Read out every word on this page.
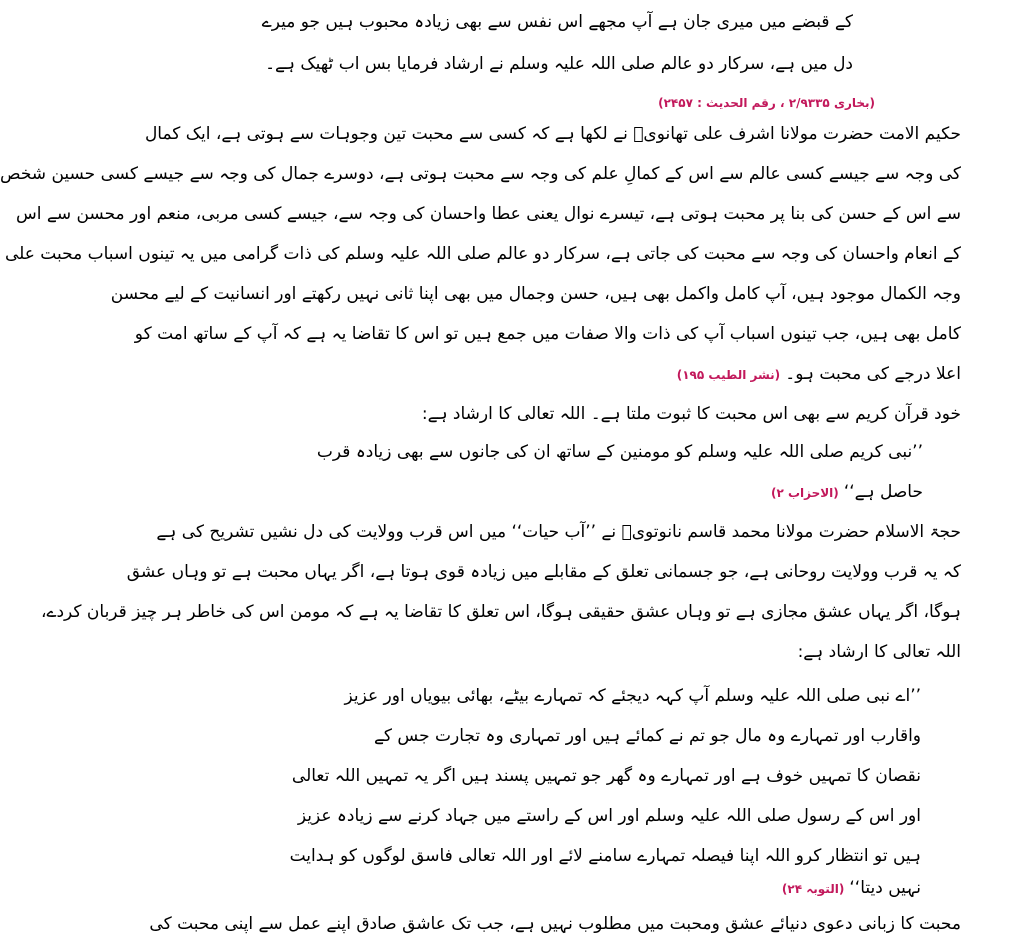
کے قبضے میں میری جان ہے آپ مجھے اس نفس سے بھی زیادہ محبوب ہیں جو میرے
دل میں ہے، سرکار دو عالم صلی اللہ علیہ وسلم نے ارشاد فرمایا بس اب ٹھیک ہے۔
(بخاری ۲/۹۳۳۵ ، رقم الحدیث : ۲۴۵۷)
حکیم الامت حضرت مولانا اشرف علی تھانویؒ نے لکھا ہے کہ کسی سے محبت تین وجوہات سے ہوتی ہے، ایک کمال
کی وجہ سے جیسے کسی عالم سے اس کے کمالِ علم کی وجہ سے محبت ہوتی ہے، دوسرے جمال کی وجہ سے جیسے کسی حسین شخص
سے اس کے حسن کی بنا پر محبت ہوتی ہے، تیسرے نوال یعنی عطا واحسان کی وجہ سے، جیسے کسی مربی، منعم اور محسن سے اس
کے انعام واحسان کی وجہ سے محبت کی جاتی ہے، سرکار دو عالم صلی اللہ علیہ وسلم کی ذات گرامی میں یہ تینوں اسباب محبت علی
وجہ الکمال موجود ہیں، آپ کامل واکمل بھی ہیں، حسن وجمال میں بھی اپنا ثانی نہیں رکھتے اور انسانیت کے لیے محسن
کامل بھی ہیں، جب تینوں اسباب آپ کی ذات والا صفات میں جمع ہیں تو اس کا تقاضا یہ ہے کہ آپ کے ساتھ امت کو
اعلا درجے کی محبت ہو۔ (نشر الطیب ۱۹۵)
خود قرآن کریم سے بھی اس محبت کا ثبوت ملتا ہے۔ اللہ تعالی کا ارشاد ہے:
’’نبی کریم صلی اللہ علیہ وسلم کو مومنین کے ساتھ ان کی جانوں سے بھی زیادہ قرب
حاصل ہے‘‘ (الاحزاب ۲)
حجۃ الاسلام حضرت مولانا محمد قاسم نانوتویؒ نے ’’آب حیات‘‘ میں اس قرب وولایت کی دل نشیں تشریح کی ہے
کہ یہ قرب وولایت روحانی ہے، جو جسمانی تعلق کے مقابلے میں زیادہ قوی ہوتا ہے، اگر یہاں محبت ہے تو وہاں عشق
ہوگا، اگر یہاں عشق مجازی ہے تو وہاں عشق حقیقی ہوگا، اس تعلق کا تقاضا یہ ہے کہ مومن اس کی خاطر ہر چیز قربان کردے،
اللہ تعالی کا ارشاد ہے:
’’اے نبی صلی اللہ علیہ وسلم آپ کہہ دیجئے کہ تمہارے بیٹے، بھائی بیویاں اور عزیز
واقارب اور تمہارے وہ مال جو تم نے کمائے ہیں اور تمہاری وہ تجارت جس کے
نقصان کا تمہیں خوف ہے اور تمہارے وہ گھر جو تمہیں پسند ہیں اگر یہ تمہیں اللہ تعالی
اور اس کے رسول صلی اللہ علیہ وسلم اور اس کے راستے میں جہاد کرنے سے زیادہ عزیز
ہیں تو انتظار کرو اللہ اپنا فیصلہ تمہارے سامنے لائے اور اللہ تعالی فاسق لوگوں کو ہدایت
نہیں دیتا‘‘ (التوبہ ۲۴)
محبت کا زبانی دعوی دنیائے عشق ومحبت میں مطلوب نہیں ہے، جب تک عاشق صادق اپنے عمل سے اپنی محبت کی
